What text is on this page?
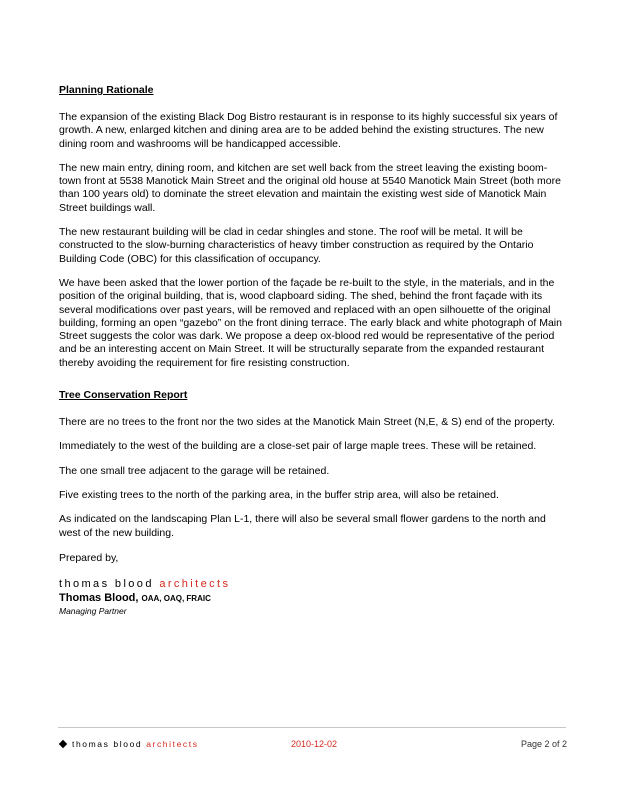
Planning Rationale

The expansion of the existing Black Dog Bistro restaurant is in response to its highly successful six years of growth. A new, enlarged kitchen and dining area are to be added behind the existing structures. The new dining room and washrooms will be handicapped accessible.

The new main entry, dining room, and kitchen are set well back from the street leaving the existing boom-town front at 5538 Manotick Main Street and the original old house at 5540 Manotick Main Street (both more than 100 years old) to dominate the street elevation and maintain the existing west side of Manotick Main Street buildings wall.

The new restaurant building will be clad in cedar shingles and stone. The roof will be metal. It will be constructed to the slow-burning characteristics of heavy timber construction as required by the Ontario Building Code (OBC) for this classification of occupancy.

We have been asked that the lower portion of the façade be re-built to the style, in the materials, and in the position of the original building, that is, wood clapboard siding. The shed, behind the front façade with its several modifications over past years, will be removed and replaced with an open silhouette of the original building, forming an open “gazebo” on the front dining terrace. The early black and white photograph of Main Street suggests the color was dark. We propose a deep ox-blood red would be representative of the period and be an interesting accent on Main Street. It will be structurally separate from the expanded restaurant thereby avoiding the requirement for fire resisting construction.

Tree Conservation Report

There are no trees to the front nor the two sides at the Manotick Main Street (N,E, & S) end of the property.

Immediately to the west of the building are a close-set pair of large maple trees. These will be retained.

The one small tree adjacent to the garage will be retained.

Five existing trees to the north of the parking area, in the buffer strip area, will also be retained.

As indicated on the landscaping Plan L-1, there will also be several small flower gardens to the north and west of the new building.

Prepared by,

thomas blood architects
Thomas Blood, OAA, OAQ, FRAIC
Managing Partner
thomas blood architects	2010-12-02	Page 2 of 2
